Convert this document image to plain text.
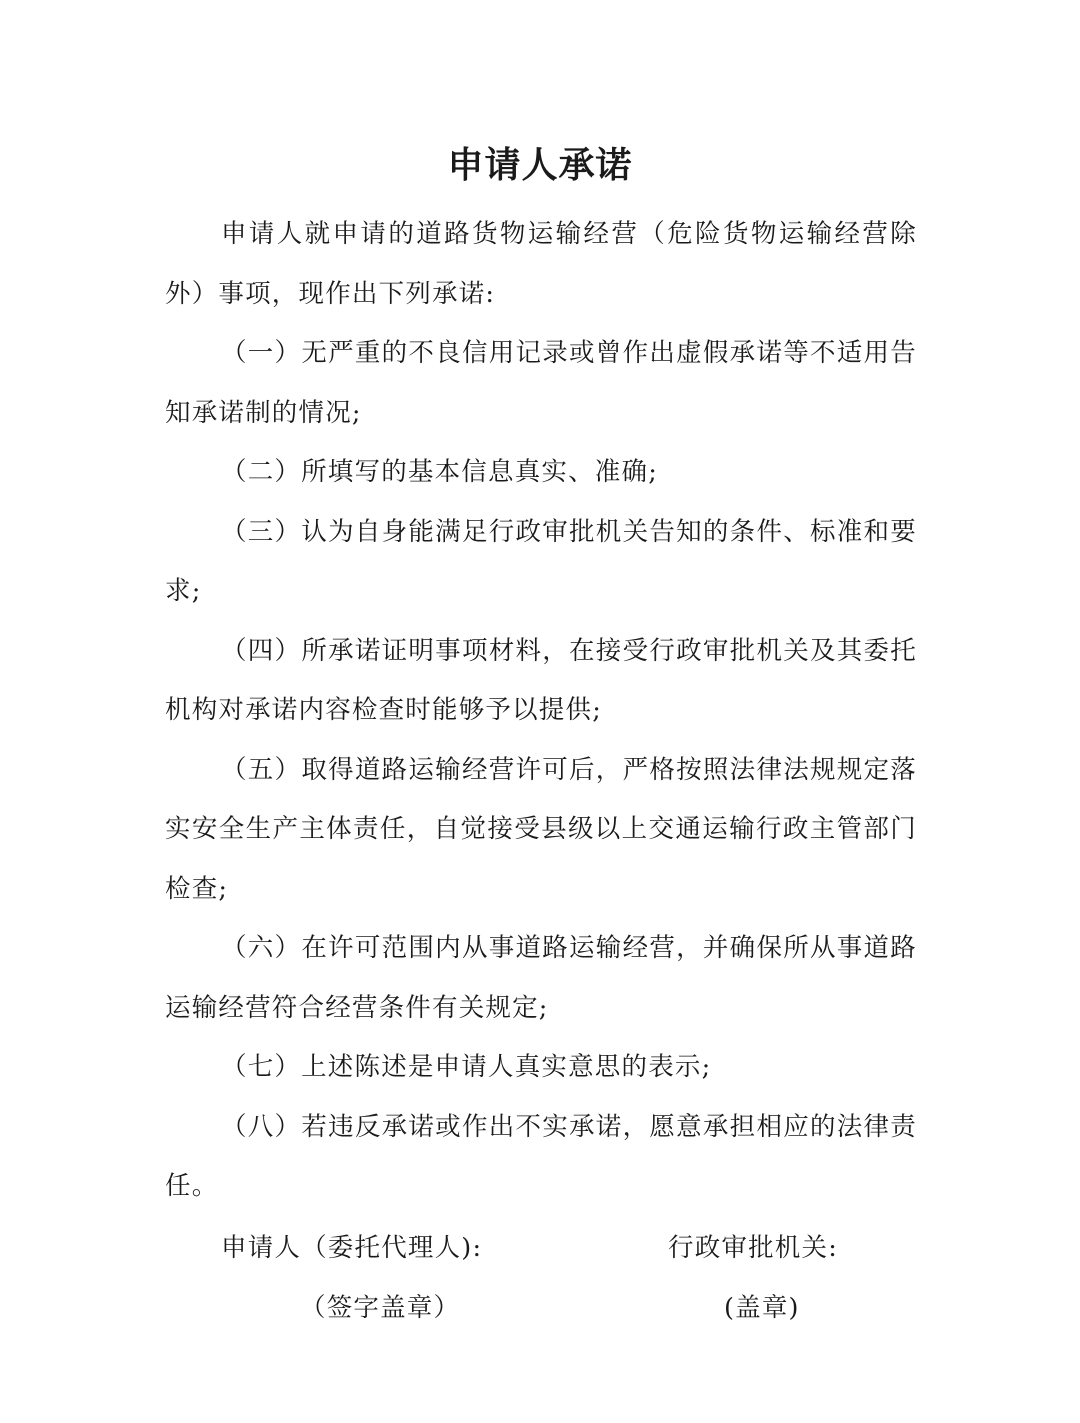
申请人承诺

申请人就申请的道路货物运输经营（危险货物运输经营除外）事项，现作出下列承诺:

（一）无严重的不良信用记录或曾作出虚假承诺等不适用告知承诺制的情况;

（二）所填写的基本信息真实、准确;

（三）认为自身能满足行政审批机关告知的条件、标准和要求;

（四）所承诺证明事项材料，在接受行政审批机关及其委托机构对承诺内容检查时能够予以提供;

（五）取得道路运输经营许可后，严格按照法律法规规定落实安全生产主体责任，自觉接受县级以上交通运输行政主管部门检查;

（六）在许可范围内从事道路运输经营，并确保所从事道路运输经营符合经营条件有关规定;

（七）上述陈述是申请人真实意思的表示;

（八）若违反承诺或作出不实承诺，愿意承担相应的法律责任。

申请人（委托代理人):	行政审批机关:
（签字盖章）	(盖章)
